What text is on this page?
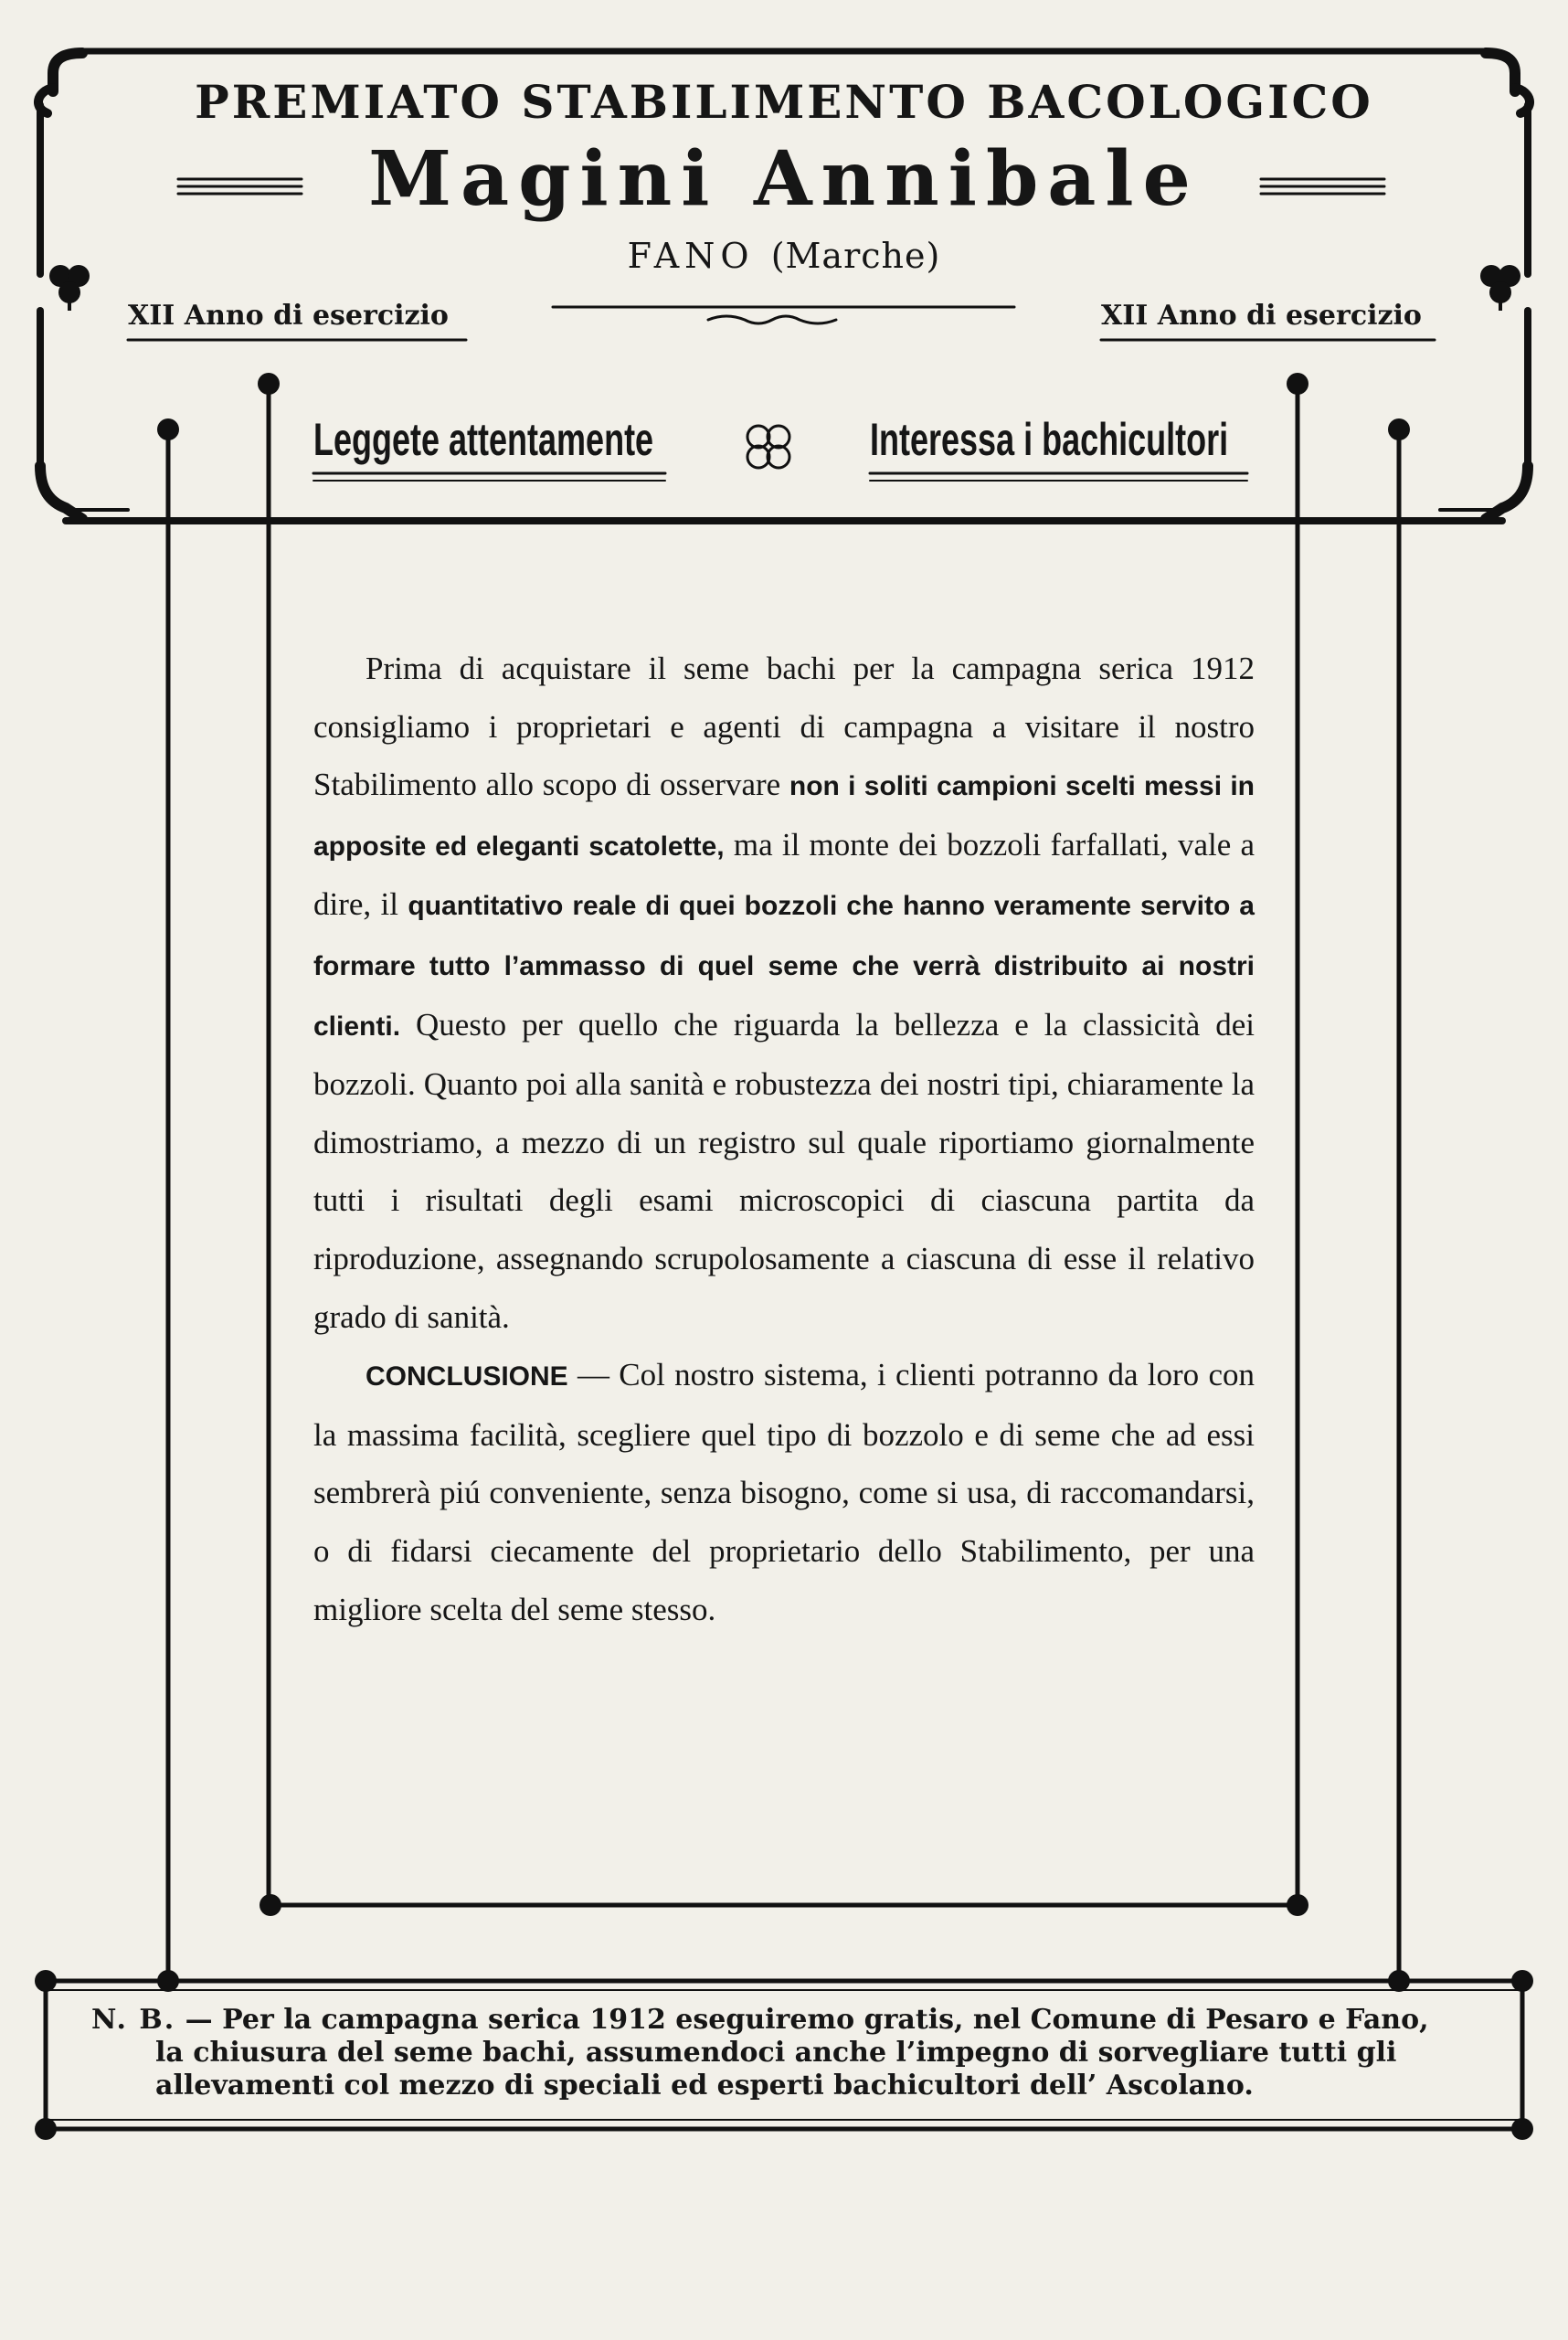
PREMIATO STABILIMENTO BACOLOGICO
Magini Annibale
FANO (Marche)
XII Anno di esercizio	XII Anno di esercizio
Leggete attentamente	Interessa i bachicultori

Prima di acquistare il seme bachi per la campagna serica 1912 consigliamo i proprietari e agenti di campagna a visitare il nostro Stabilimento allo scopo di osservare non i soliti campioni scelti messi in apposite ed eleganti scatolette, ma il monte dei bozzoli farfallati, vale a dire, il quantitativo reale di quei bozzoli che hanno veramente servito a formare tutto l’ammasso di quel seme che verrà distribuito ai nostri clienti. Questo per quello che riguarda la bellezza e la classicità dei bozzoli. Quanto poi alla sanità e robustezza dei nostri tipi, chiaramente la dimostriamo, a mezzo di un registro sul quale riportiamo giornalmente tutti i risultati degli esami microscopici di ciascuna partita da riproduzione, assegnando scrupolosamente a ciascuna di esse il relativo grado di sanità.

CONCLUSIONE — Col nostro sistema, i clienti potranno da loro con la massima facilità, scegliere quel tipo di bozzolo e di seme che ad essi sembrerà piú conveniente, senza bisogno, come si usa, di raccomandarsi, o di fidarsi ciecamente del proprietario dello Stabilimento, per una migliore scelta del seme stesso.

N. B. — Per la campagna serica 1912 eseguiremo gratis, nel Comune di Pesaro e Fano,
la chiusura del seme bachi, assumendoci anche l’impegno di sorvegliare tutti gli
allevamenti col mezzo di speciali ed esperti bachicultori dell’ Ascolano.
